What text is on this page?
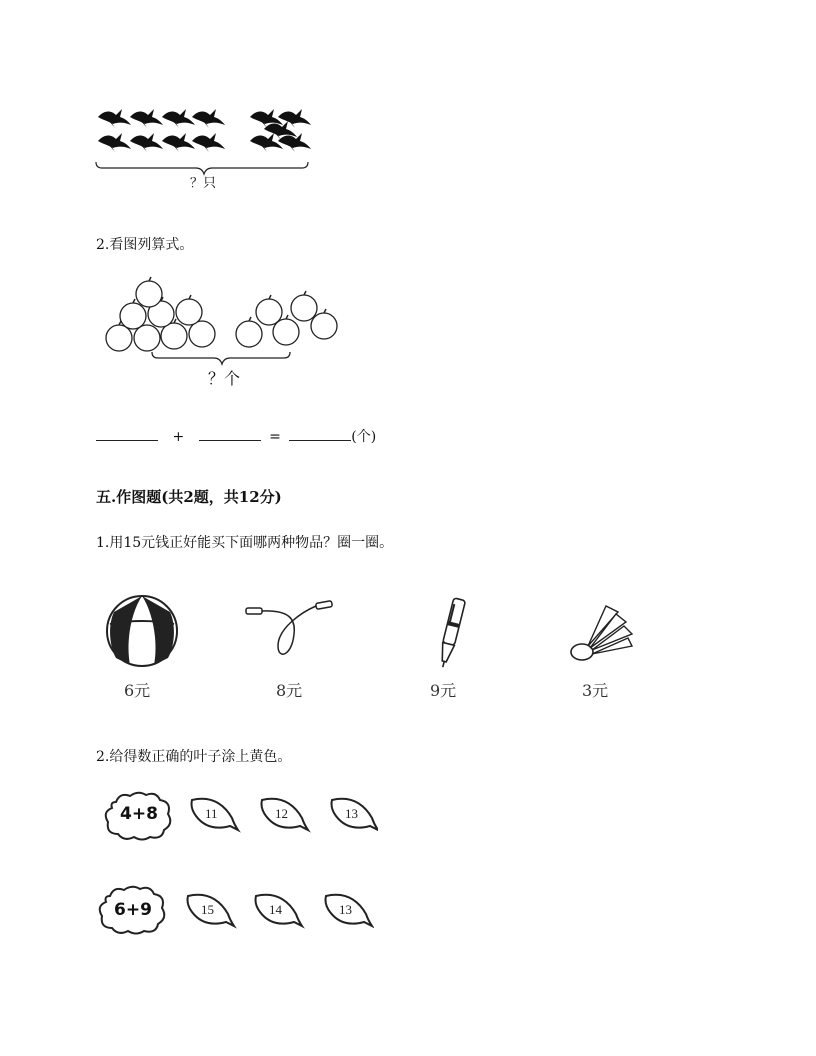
？只
2.看图列算式。
？个
+	=	(个)
五.作图题(共2题，共12分)
1.用15元钱正好能买下面哪两种物品？圈一圈。
6元	8元	9元	3元
2.给得数正确的叶子涂上黄色。
4+8	11	12	13
6+9	15	14	13
